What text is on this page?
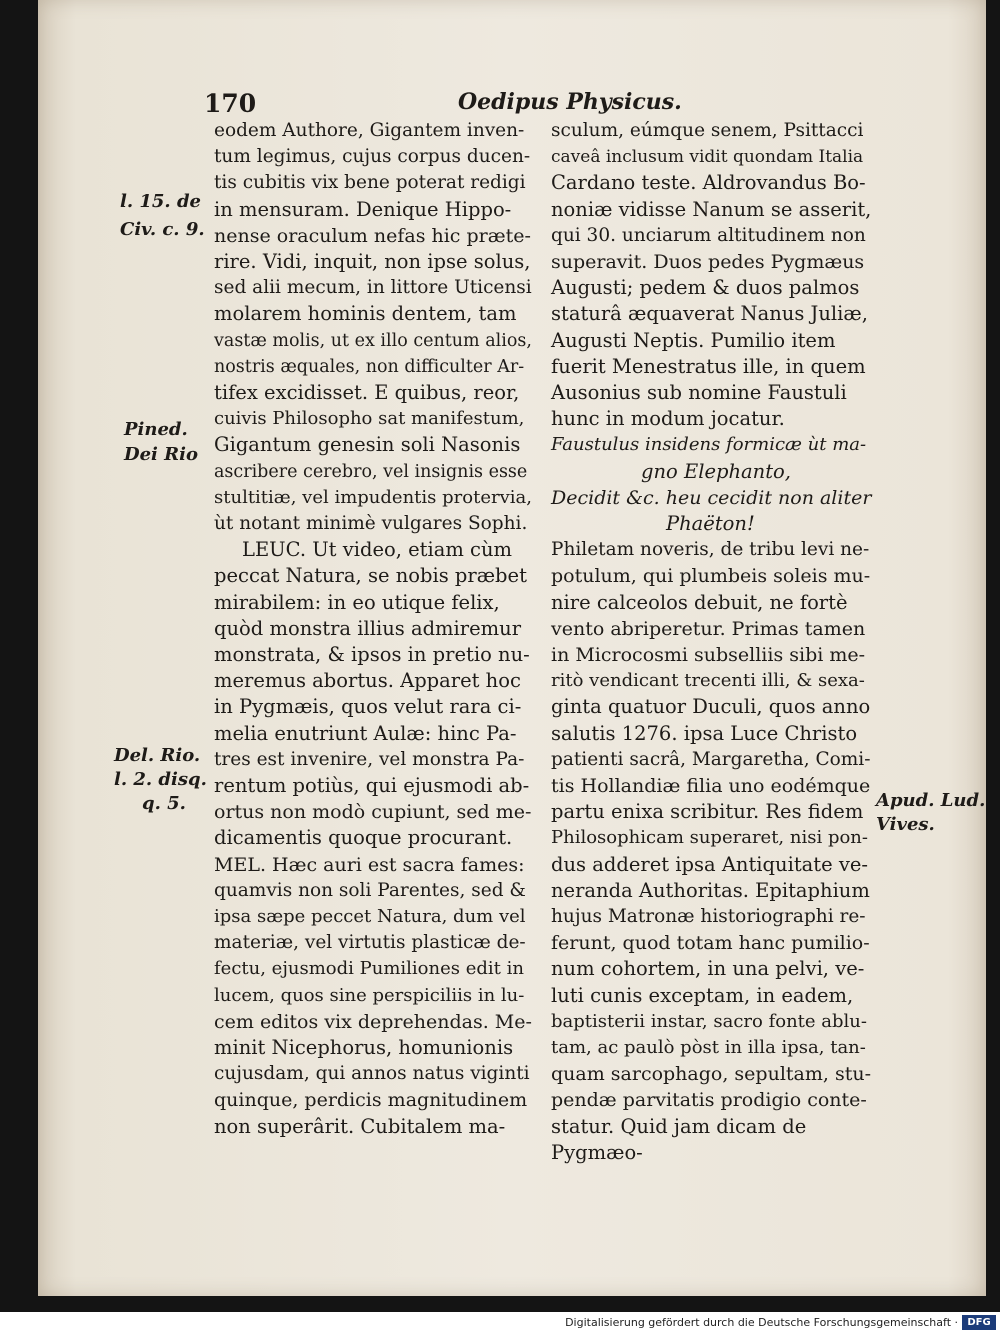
170	Oedipus Physicus.
l. 15. de
Civ. c. 9.
Pined.
Dei Rio
Del. Rio.
l. 2. disq.
q. 5.	Apud. Lud.
Vives.
eodem Authore, Gigantem inven-
tum legimus, cujus corpus ducen-
tis cubitis vix bene poterat redigi
in mensuram. Denique Hippo-
nense oraculum nefas hic præte-
rire. Vidi, inquit, non ipse solus,
sed alii mecum, in littore Uticensi
molarem hominis dentem, tam
vastæ molis, ut ex illo centum alios,
nostris æquales, non difficulter Ar-
tifex excidisset. E quibus, reor,
cuivis Philosopho sat manifestum,
Gigantum genesin soli Nasonis
ascribere cerebro, vel insignis esse
stultitiæ, vel impudentis protervia,
ùt notant minimè vulgares Sophi.
LEUC. Ut video, etiam cùm
peccat Natura, se nobis præbet
mirabilem: in eo utique felix,
quòd monstra illius admiremur
monstrata, & ipsos in pretio nu-
meremus abortus. Apparet hoc
in Pygmæis, quos velut rara ci-
melia enutriunt Aulæ: hinc Pa-
tres est invenire, vel monstra Pa-
rentum potiùs, qui ejusmodi ab-
ortus non modò cupiunt, sed me-
dicamentis quoque procurant.
MEL. Hæc auri est sacra fames:
quamvis non soli Parentes, sed &
ipsa sæpe peccet Natura, dum vel
materiæ, vel virtutis plasticæ de-
fectu, ejusmodi Pumiliones edit in
lucem, quos sine perspiciliis in lu-
cem editos vix deprehendas. Me-
minit Nicephorus, homunionis
cujusdam, qui annos natus viginti
quinque, perdicis magnitudinem
non superârit. Cubitalem ma-
sculum, eúmque senem, Psittacci
caveâ inclusum vidit quondam Italia
Cardano teste. Aldrovandus Bo-
noniæ vidisse Nanum se asserit,
qui 30. unciarum altitudinem non
superavit. Duos pedes Pygmæus
Augusti; pedem & duos palmos
staturâ æquaverat Nanus Juliæ,
Augusti Neptis. Pumilio item
fuerit Menestratus ille, in quem
Ausonius sub nomine Faustuli
hunc in modum jocatur.
Faustulus insidens formicæ ùt ma-
gno Elephanto,
Decidit &c. heu cecidit non aliter
Phaëton!
Philetam noveris, de tribu levi ne-
potulum, qui plumbeis soleis mu-
nire calceolos debuit, ne fortè
vento abriperetur. Primas tamen
in Microcosmi subselliis sibi me-
ritò vendicant trecenti illi, & sexa-
ginta quatuor Duculi, quos anno
salutis 1276. ipsa Luce Christo
patienti sacrâ, Margaretha, Comi-
tis Hollandiæ filia uno eodémque
partu enixa scribitur. Res fidem
Philosophicam superaret, nisi pon-
dus adderet ipsa Antiquitate ve-
neranda Authoritas. Epitaphium
hujus Matronæ historiographi re-
ferunt, quod totam hanc pumilio-
num cohortem, in una pelvi, ve-
luti cunis exceptam, in eadem,
baptisterii instar, sacro fonte ablu-
tam, ac paulò pòst in illa ipsa, tan-
quam sarcophago, sepultam, stu-
pendæ parvitatis prodigio conte-
statur. Quid jam dicam de
Pygmæo-
Digitalisierung gefördert durch die Deutsche Forschungsgemeinschaft · DFG
